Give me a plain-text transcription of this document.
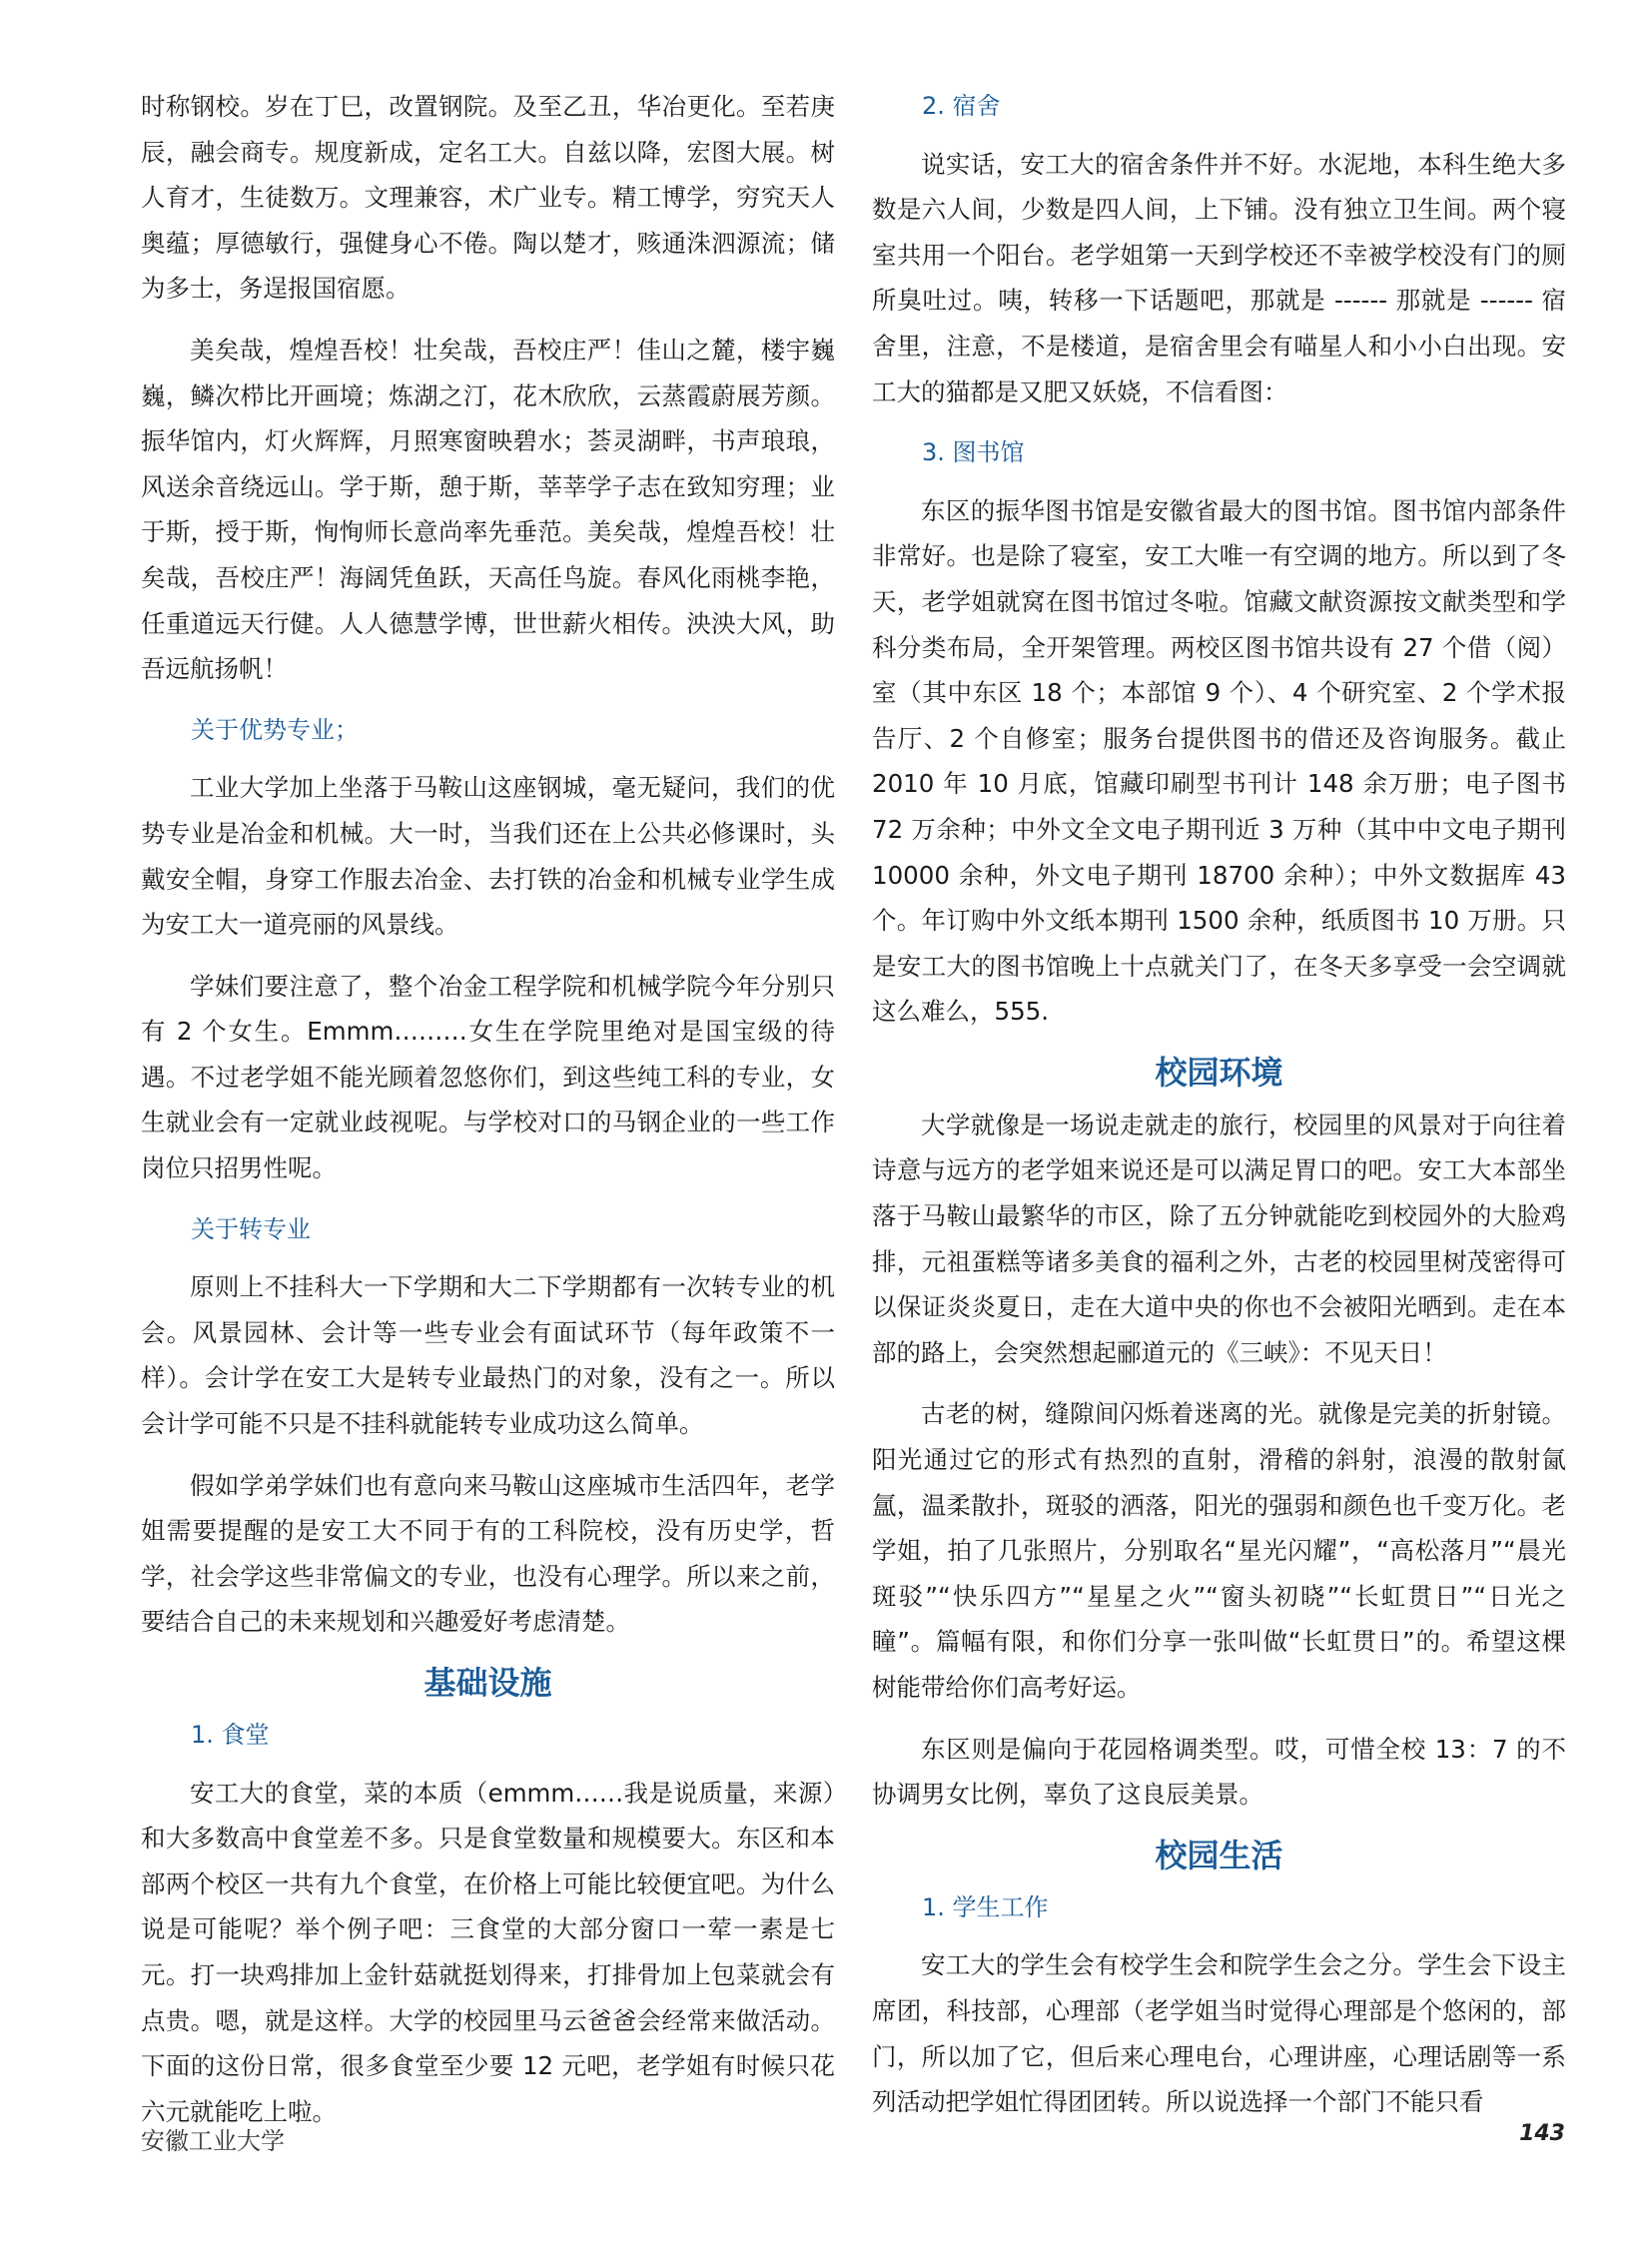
时称钢校。岁在丁巳，改置钢院。及至乙丑，华冶更化。至若庚辰，融会商专。规度新成，定名工大。自兹以降，宏图大展。树人育才，生徒数万。文理兼容，术广业专。精工博学，穷究天人奥蕴；厚德敏行，强健身心不倦。陶以楚才，赅通洙泗源流；储为多士，务逞报国宿愿。

美矣哉，煌煌吾校！壮矣哉，吾校庄严！佳山之麓，楼宇巍巍，鳞次栉比开画境；炼湖之汀，花木欣欣，云蒸霞蔚展芳颜。振华馆内，灯火辉辉，月照寒窗映碧水；荟灵湖畔，书声琅琅，风送余音绕远山。学于斯，憩于斯，莘莘学子志在致知穷理；业于斯，授于斯，恂恂师长意尚率先垂范。美矣哉，煌煌吾校！壮矣哉，吾校庄严！海阔凭鱼跃，天高任鸟旋。春风化雨桃李艳，任重道远天行健。人人德慧学博，世世薪火相传。泱泱大风，助吾远航扬帆！

关于优势专业；

工业大学加上坐落于马鞍山这座钢城，毫无疑问，我们的优势专业是冶金和机械。大一时，当我们还在上公共必修课时，头戴安全帽，身穿工作服去冶金、去打铁的冶金和机械专业学生成为安工大一道亮丽的风景线。

学妹们要注意了，整个冶金工程学院和机械学院今年分别只有 2 个女生。Emmm………女生在学院里绝对是国宝级的待遇。不过老学姐不能光顾着忽悠你们，到这些纯工科的专业，女生就业会有一定就业歧视呢。与学校对口的马钢企业的一些工作岗位只招男性呢。

关于转专业

原则上不挂科大一下学期和大二下学期都有一次转专业的机会。风景园林、会计等一些专业会有面试环节（每年政策不一样）。会计学在安工大是转专业最热门的对象，没有之一。所以会计学可能不只是不挂科就能转专业成功这么简单。

假如学弟学妹们也有意向来马鞍山这座城市生活四年，老学姐需要提醒的是安工大不同于有的工科院校，没有历史学，哲学，社会学这些非常偏文的专业，也没有心理学。所以来之前，要结合自己的未来规划和兴趣爱好考虑清楚。

基础设施
1. 食堂

安工大的食堂，菜的本质（emmm……我是说质量，来源）和大多数高中食堂差不多。只是食堂数量和规模要大。东区和本部两个校区一共有九个食堂，在价格上可能比较便宜吧。为什么说是可能呢？举个例子吧：三食堂的大部分窗口一荤一素是七元。打一块鸡排加上金针菇就挺划得来，打排骨加上包菜就会有点贵。嗯，就是这样。大学的校园里马云爸爸会经常来做活动。下面的这份日常，很多食堂至少要 12 元吧，老学姐有时候只花六元就能吃上啦。

2. 宿舍

说实话，安工大的宿舍条件并不好。水泥地，本科生绝大多数是六人间，少数是四人间，上下铺。没有独立卫生间。两个寝室共用一个阳台。老学姐第一天到学校还不幸被学校没有门的厕所臭吐过。咦，转移一下话题吧，那就是 ------ 那就是 ------ 宿舍里，注意，不是楼道，是宿舍里会有喵星人和小小白出现。安工大的猫都是又肥又妖娆，不信看图：

3. 图书馆

东区的振华图书馆是安徽省最大的图书馆。图书馆内部条件非常好。也是除了寝室，安工大唯一有空调的地方。所以到了冬天，老学姐就窝在图书馆过冬啦。馆藏文献资源按文献类型和学科分类布局，全开架管理。两校区图书馆共设有 27 个借（阅）室（其中东区 18 个；本部馆 9 个）、4 个研究室、2 个学术报告厅、2 个自修室；服务台提供图书的借还及咨询服务。截止 2010 年 10 月底，馆藏印刷型书刊计 148 余万册；电子图书 72 万余种；中外文全文电子期刊近 3 万种（其中中文电子期刊 10000 余种，外文电子期刊 18700 余种）；中外文数据库 43 个。年订购中外文纸本期刊 1500 余种，纸质图书 10 万册。只是安工大的图书馆晚上十点就关门了，在冬天多享受一会空调就这么难么，555.

校园环境

大学就像是一场说走就走的旅行，校园里的风景对于向往着诗意与远方的老学姐来说还是可以满足胃口的吧。安工大本部坐落于马鞍山最繁华的市区，除了五分钟就能吃到校园外的大脸鸡排，元祖蛋糕等诸多美食的福利之外，古老的校园里树茂密得可以保证炎炎夏日，走在大道中央的你也不会被阳光晒到。走在本部的路上，会突然想起郦道元的《三峡》：不见天日！

古老的树，缝隙间闪烁着迷离的光。就像是完美的折射镜。阳光通过它的形式有热烈的直射，滑稽的斜射，浪漫的散射氤氲，温柔散扑，斑驳的洒落，阳光的强弱和颜色也千变万化。老学姐，拍了几张照片，分别取名“星光闪耀”，“高松落月”“晨光斑驳”“快乐四方”“星星之火”“窗头初晓”“长虹贯日”“日光之瞳”。篇幅有限，和你们分享一张叫做“长虹贯日”的。希望这棵树能带给你们高考好运。

东区则是偏向于花园格调类型。哎，可惜全校 13：7 的不协调男女比例，辜负了这良辰美景。

校园生活
1. 学生工作

安工大的学生会有校学生会和院学生会之分。学生会下设主席团，科技部，心理部（老学姐当时觉得心理部是个悠闲的，部门，所以加了它，但后来心理电台，心理讲座，心理话剧等一系列活动把学姐忙得团团转。所以说选择一个部门不能只看

安徽工业大学	143
